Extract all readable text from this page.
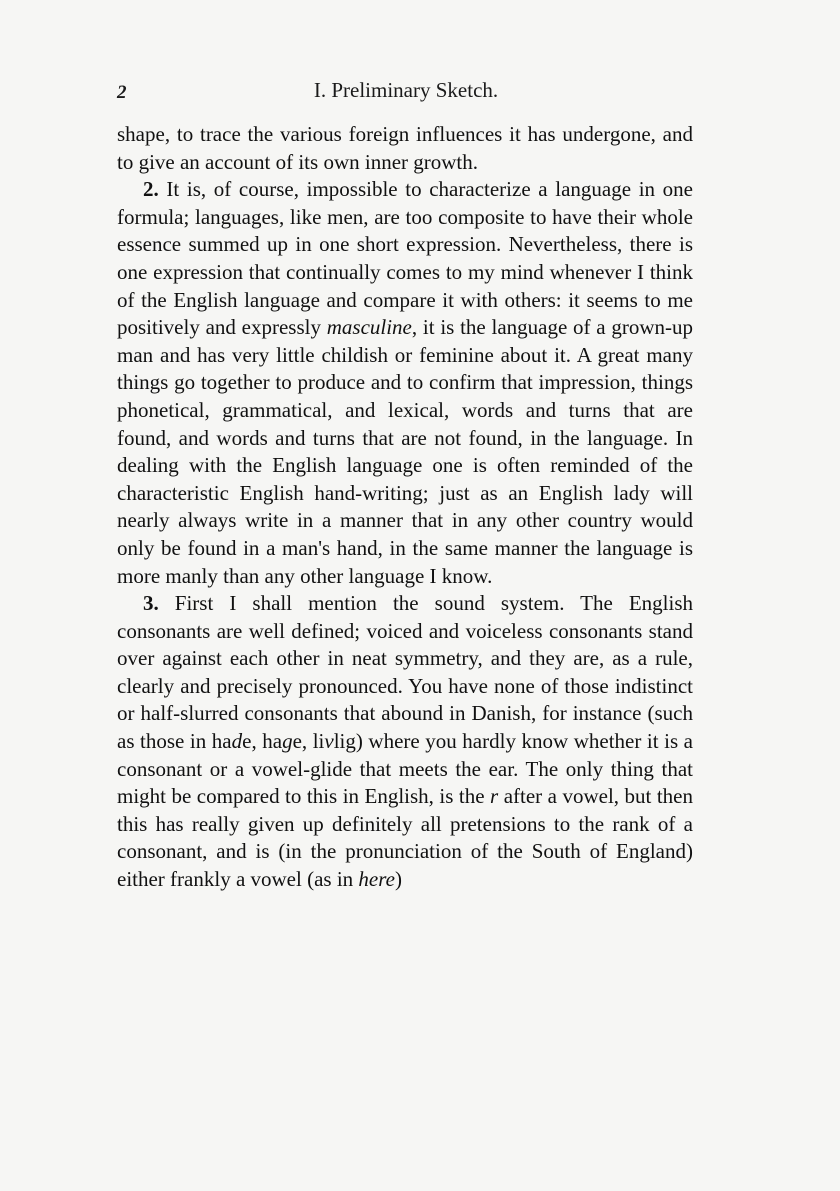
2	I. Preliminary Sketch.

shape, to trace the various foreign influences it has undergone, and to give an account of its own inner growth.

2. It is, of course, impossible to characterize a language in one formula; languages, like men, are too composite to have their whole essence summed up in one short expression. Nevertheless, there is one expression that continually comes to my mind whenever I think of the English language and compare it with others: it seems to me positively and expressly masculine, it is the language of a grown-up man and has very little childish or feminine about it. A great many things go together to produce and to confirm that impression, things phonetical, grammatical, and lexical, words and turns that are found, and words and turns that are not found, in the language. In dealing with the English language one is often reminded of the characteristic English hand-writing; just as an English lady will nearly always write in a manner that in any other country would only be found in a man's hand, in the same manner the language is more manly than any other language I know.

3. First I shall mention the sound system. The English consonants are well defined; voiced and voiceless consonants stand over against each other in neat symmetry, and they are, as a rule, clearly and precisely pronounced. You have none of those indistinct or half-slurred consonants that abound in Danish, for instance (such as those in hade, hage, livlig) where you hardly know whether it is a consonant or a vowel-glide that meets the ear. The only thing that might be compared to this in English, is the r after a vowel, but then this has really given up definitely all pretensions to the rank of a consonant, and is (in the pronunciation of the South of England) either frankly a vowel (as in here)
